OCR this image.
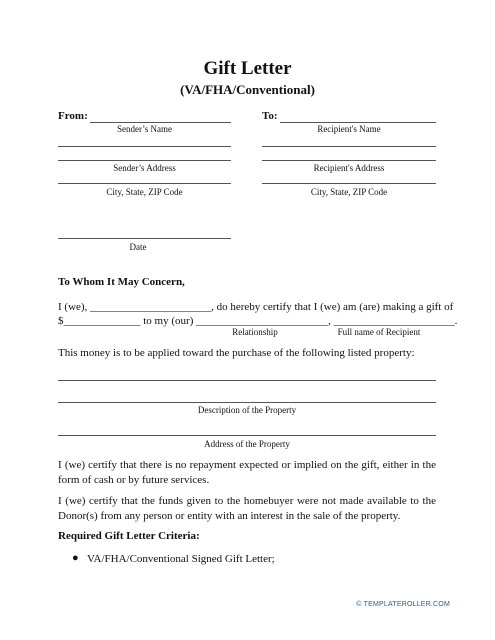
Gift Letter
(VA/FHA/Conventional)
From:
Sender’s Name
To:
Recipient's Name
Sender’s Address	Recipient's Address
City, State, ZIP Code	City, State, ZIP Code
Date
To Whom It May Concern,
I (we), ______________________, do hereby certify that I (we) am (are) making a gift of
$______________ to my (our) ________________________, ______________________.
Relationship	Full name of Recipient
This money is to be applied toward the purchase of the following listed property:
Description of the Property
Address of the Property
I (we) certify that there is no repayment expected or implied on the gift, either in the form of cash or by future services.
I (we) certify that the funds given to the homebuyer were not made available to the Donor(s) from any person or entity with an interest in the sale of the property.
Required Gift Letter Criteria:
● VA/FHA/Conventional Signed Gift Letter;
© TEMPLATEROLLER.COM
